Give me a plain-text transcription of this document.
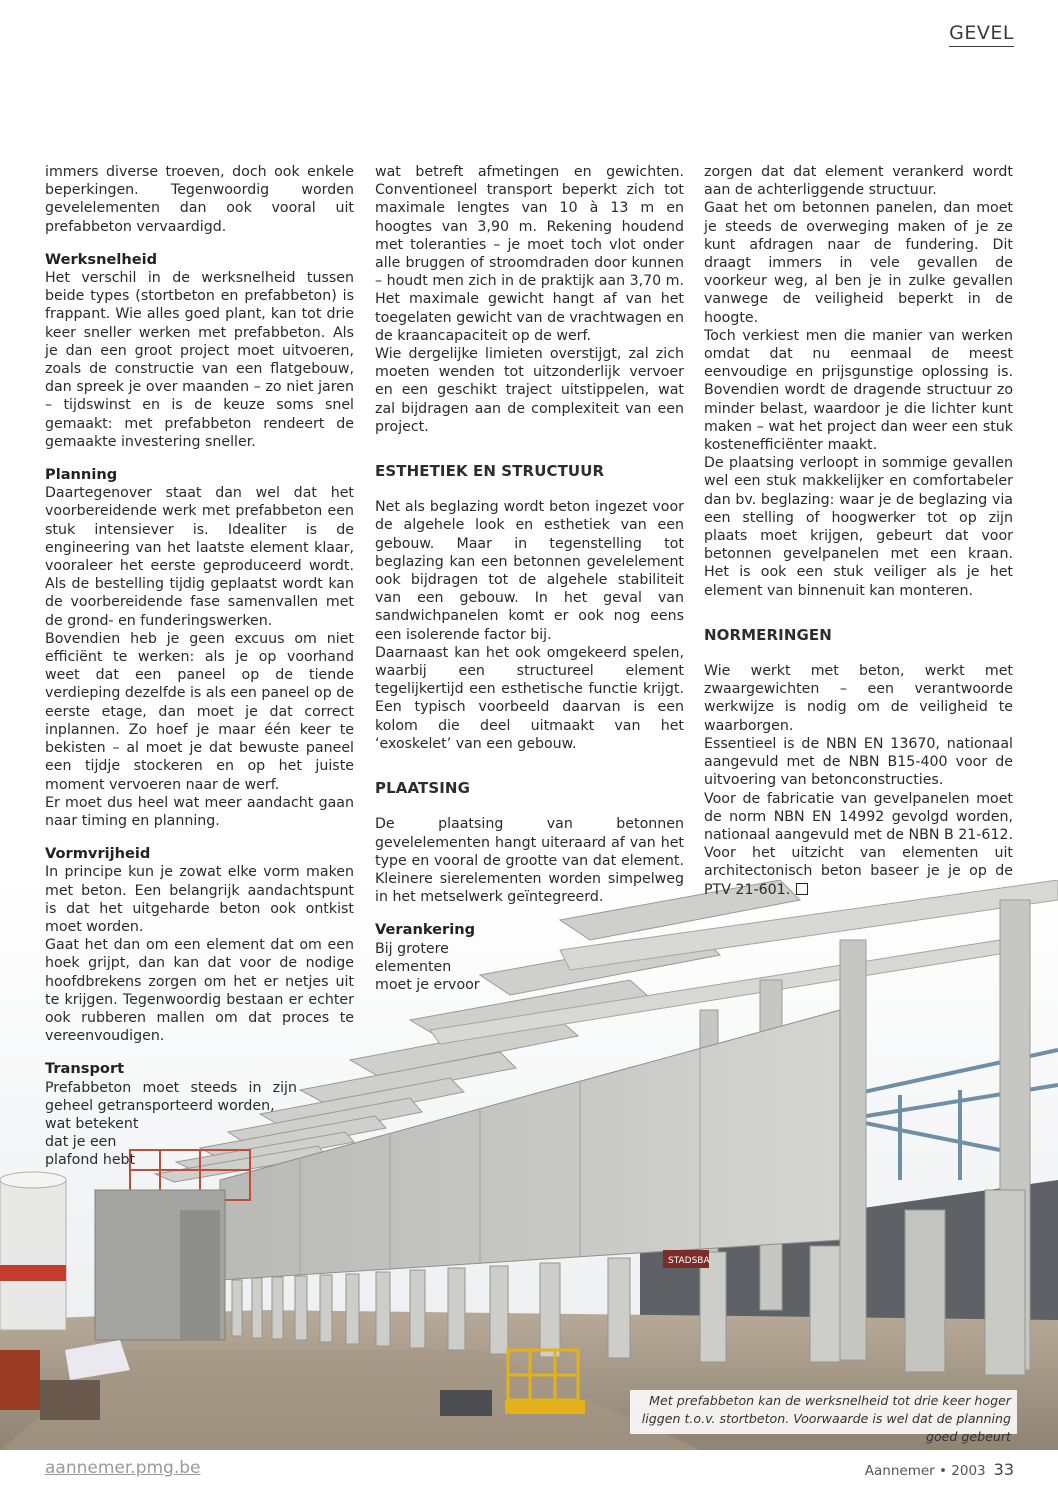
GEVEL
STADSBA

immers diverse troeven, doch ook enkele beperkingen. Tegenwoordig worden gevelelementen dan ook vooral uit prefabbeton vervaardigd.

Werksnelheid

Het verschil in de werksnelheid tussen beide types (stortbeton en prefabbeton) is frappant. Wie alles goed plant, kan tot drie keer sneller werken met prefabbeton. Als je dan een groot project moet uitvoeren, zoals de constructie van een flatgebouw, dan spreek je over maanden – zo niet jaren – tijdswinst en is de keuze soms snel gemaakt: met prefabbeton rendeert de gemaakte investering sneller.

Planning

Daartegenover staat dan wel dat het voorbereidende werk met prefabbeton een stuk intensiever is. Idealiter is de engineering van het laatste element klaar, vooraleer het eerste geproduceerd wordt. Als de bestelling tijdig geplaatst wordt kan de voorbereidende fase samenvallen met de grond- en funderingswerken.

Bovendien heb je geen excuus om niet efficiënt te werken: als je op voorhand weet dat een paneel op de tiende verdieping dezelfde is als een paneel op de eerste etage, dan moet je dat correct inplannen. Zo hoef je maar één keer te bekisten – al moet je dat bewuste paneel een tijdje stockeren en op het juiste moment vervoeren naar de werf.

Er moet dus heel wat meer aandacht gaan naar timing en planning.

Vormvrijheid

In principe kun je zowat elke vorm maken met beton. Een belangrijk aandachtspunt is dat het uitgeharde beton ook ontkist moet worden.

Gaat het dan om een element dat om een hoek grijpt, dan kan dat voor de nodige hoofdbrekens zorgen om het er netjes uit te krijgen. Tegenwoordig bestaan er echter ook rubberen mallen om dat proces te vereenvoudigen.

Transport

Prefabbeton moet steeds in zijn geheel getransporteerd worden,

wat betekent dat je een plafond hebt

wat betreft afmetingen en gewichten. Conventioneel transport beperkt zich tot maximale lengtes van 10 à 13 m en hoogtes van 3,90 m. Rekening houdend met toleranties – je moet toch vlot onder alle bruggen of stroomdraden door kunnen – houdt men zich in de praktijk aan 3,70 m. Het maximale gewicht hangt af van het toegelaten gewicht van de vrachtwagen en de kraancapaciteit op de werf.

Wie dergelijke limieten overstijgt, zal zich moeten wenden tot uitzonderlijk vervoer en een geschikt traject uitstippelen, wat zal bijdragen aan de complexiteit van een project.

ESTHETIEK EN STRUCTUUR

Net als beglazing wordt beton ingezet voor de algehele look en esthetiek van een gebouw. Maar in tegenstelling tot beglazing kan een betonnen gevelelement ook bijdragen tot de algehele stabiliteit van een gebouw. In het geval van sandwichpanelen komt er ook nog eens een isolerende factor bij.

Daarnaast kan het ook omgekeerd spelen, waarbij een structureel element tegelijkertijd een esthetische functie krijgt. Een typisch voorbeeld daarvan is een kolom die deel uitmaakt van het ‘exoskelet’ van een gebouw.

PLAATSING

De plaatsing van betonnen gevelelementen hangt uiteraard af van het type en vooral de grootte van dat element. Kleinere sierelementen worden simpelweg in het metselwerk geïntegreerd.

Verankering

Bij grotere elementen moet je ervoor

zorgen dat dat element verankerd wordt aan de achterliggende structuur.

Gaat het om betonnen panelen, dan moet je steeds de overweging maken of je ze kunt afdragen naar de fundering. Dit draagt immers in vele gevallen de voorkeur weg, al ben je in zulke gevallen vanwege de veiligheid beperkt in de hoogte.

Toch verkiest men die manier van werken omdat dat nu eenmaal de meest eenvoudige en prijsgunstige oplossing is. Bovendien wordt de dragende structuur zo minder belast, waardoor je die lichter kunt maken – wat het project dan weer een stuk kostenefficiënter maakt.

De plaatsing verloopt in sommige gevallen wel een stuk makkelijker en comfortabeler dan bv. beglazing: waar je de beglazing via een stelling of hoogwerker tot op zijn plaats moet krijgen, gebeurt dat voor betonnen gevelpanelen met een kraan. Het is ook een stuk veiliger als je het element van binnenuit kan monteren.

NORMERINGEN

Wie werkt met beton, werkt met zwaargewichten – een verantwoorde werkwijze is nodig om de veiligheid te waarborgen.

Essentieel is de NBN EN 13670, nationaal aangevuld met de NBN B15-400 voor de uitvoering van betonconstructies.

Voor de fabricatie van gevelpanelen moet de norm NBN EN 14992 gevolgd worden, nationaal aangevuld met de NBN B 21-612.

Voor het uitzicht van elementen uit architectonisch beton baseer je je op de PTV 21-601.

Met prefabbeton kan de werksnelheid tot drie keer hoger liggen t.o.v. stortbeton. Voorwaarde is wel dat de planning goed gebeurt
aannemer.pmg.be	Aannemer • 2003 33
